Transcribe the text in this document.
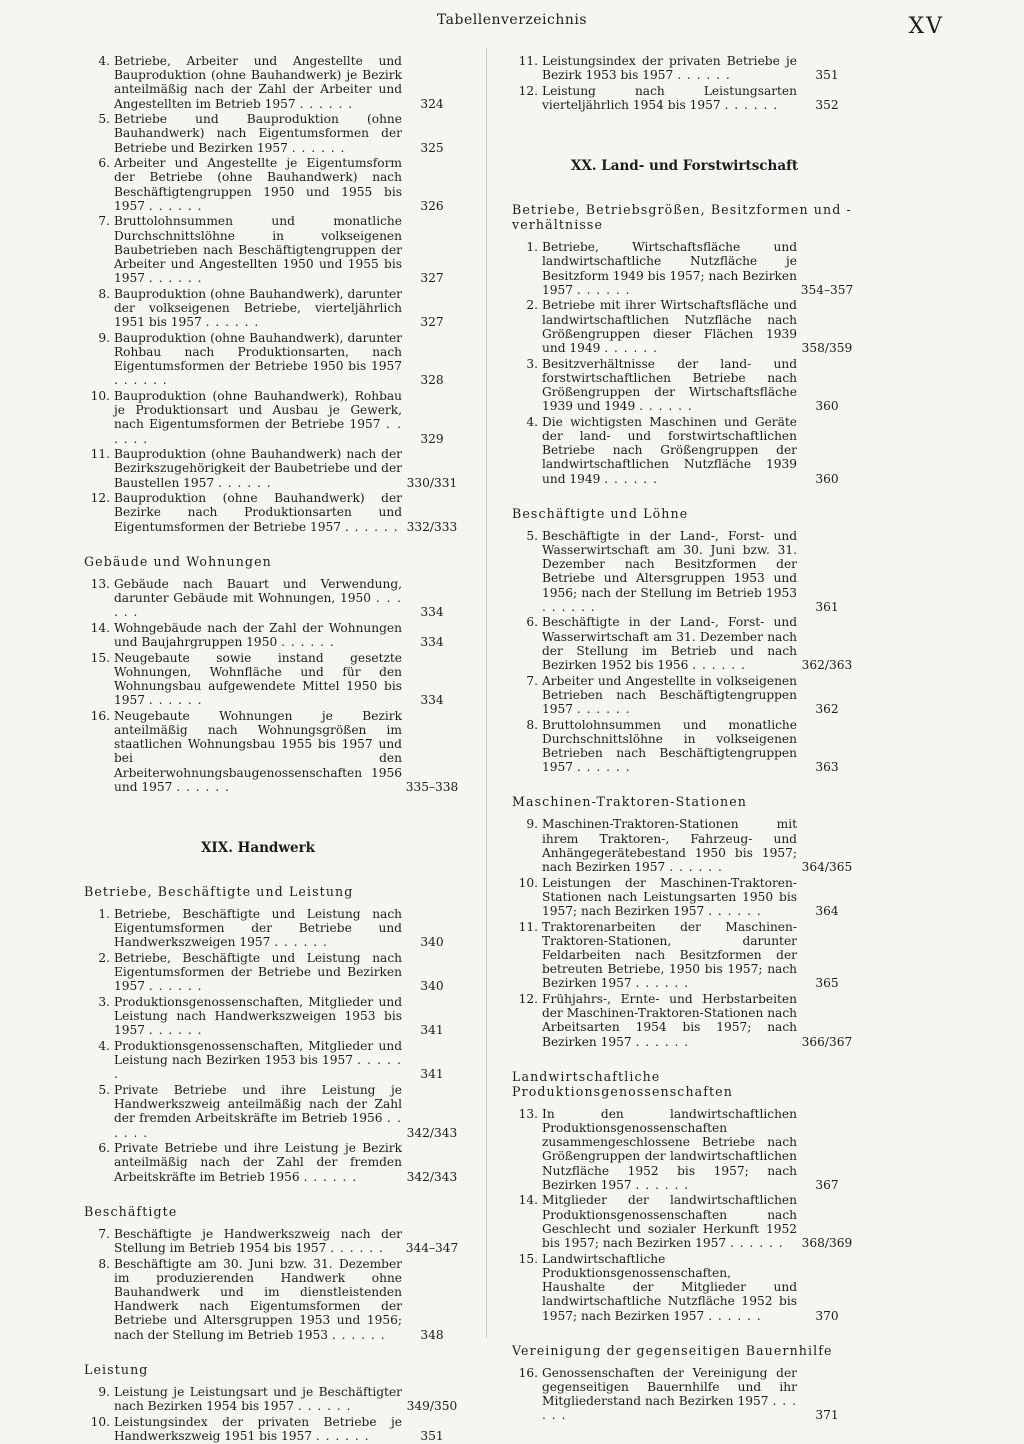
Tabellenverzeichnis	XV
4. Betriebe, Arbeiter und Angestellte und Bauproduktion (ohne Bauhandwerk) je Bezirk anteilmäßig nach der Zahl der Arbeiter und Angestellten im Betrieb 1957 . . . . . .	324
5. Betriebe und Bauproduktion (ohne Bauhandwerk) nach Eigentumsformen der Betriebe und Bezirken 1957 . . . . . .	325
6. Arbeiter und Angestellte je Eigentumsform der Betriebe (ohne Bauhandwerk) nach Beschäftigtengruppen 1950 und 1955 bis 1957 . . . . . .	326
7. Bruttolohnsummen und monatliche Durchschnittslöhne in volkseigenen Baubetrieben nach Beschäftigtengruppen der Arbeiter und Angestellten 1950 und 1955 bis 1957 . . . . . .	327
8. Bauproduktion (ohne Bauhandwerk), darunter der volkseigenen Betriebe, vierteljährlich 1951 bis 1957 . . . . . .	327
9. Bauproduktion (ohne Bauhandwerk), darunter Rohbau nach Produktionsarten, nach Eigentumsformen der Betriebe 1950 bis 1957 . . . . . .	328
10. Bauproduktion (ohne Bauhandwerk), Rohbau je Produktionsart und Ausbau je Gewerk, nach Eigentumsformen der Betriebe 1957 . . . . . .	329
11. Bauproduktion (ohne Bauhandwerk) nach der Bezirkszugehörigkeit der Baubetriebe und der Baustellen 1957 . . . . . .	330/331
12. Bauproduktion (ohne Bauhandwerk) der Bezirke nach Produktionsarten und Eigentumsformen der Betriebe 1957 . . . . . . 332/333
Gebäude und Wohnungen
13. Gebäude nach Bauart und Verwendung, darunter Gebäude mit Wohnungen, 1950 . . . . . .	334
14. Wohngebäude nach der Zahl der Wohnungen und Baujahrgruppen 1950 . . . . . .	334
15. Neugebaute sowie instand gesetzte Wohnungen, Wohnfläche und für den Wohnungsbau aufgewendete Mittel 1950 bis 1957 . . . . . .	334
16. Neugebaute Wohnungen je Bezirk anteilmäßig nach Wohnungsgrößen im staatlichen Wohnungsbau 1955 bis 1957 und bei den Arbeiterwohnungsbaugenossenschaften 1956 und 1957 . . . . . .	335–338
XIX. Handwerk
Betriebe, Beschäftigte und Leistung
1. Betriebe, Beschäftigte und Leistung nach Eigentumsformen der Betriebe und Handwerkszweigen 1957 . . . . . .	340
2. Betriebe, Beschäftigte und Leistung nach Eigentumsformen der Betriebe und Bezirken 1957 . . . . . .	340
3. Produktionsgenossenschaften, Mitglieder und Leistung nach Handwerkszweigen 1953 bis 1957 . . . . . .	341
4. Produktionsgenossenschaften, Mitglieder und Leistung nach Bezirken 1953 bis 1957 . . . . . .	341
5. Private Betriebe und ihre Leistung je Handwerkszweig anteilmäßig nach der Zahl der fremden Arbeitskräfte im Betrieb 1956 . . . . . .	342/343
6. Private Betriebe und ihre Leistung je Bezirk anteilmäßig nach der Zahl der fremden Arbeitskräfte im Betrieb 1956 . . . . . .	342/343
Beschäftigte
7. Beschäftigte je Handwerkszweig nach der Stellung im Betrieb 1954 bis 1957 . . . . . .	344–347
8. Beschäftigte am 30. Juni bzw. 31. Dezember im produzierenden Handwerk ohne Bauhandwerk und im dienstleistenden Handwerk nach Eigentumsformen der Betriebe und Altersgruppen 1953 und 1956; nach der Stellung im Betrieb 1953 . . . . . .	348
Leistung
9. Leistung je Leistungsart und je Beschäftigter nach Bezirken 1954 bis 1957 . . . . . .	349/350
10. Leistungsindex der privaten Betriebe je Handwerkszweig 1951 bis 1957 . . . . . .	351
11. Leistungsindex der privaten Betriebe je Bezirk 1953 bis 1957 . . . . . .	351
12. Leistung nach Leistungsarten vierteljährlich 1954 bis 1957 . . . . . .	352
XX. Land- und Forstwirtschaft
Betriebe, Betriebsgrößen, Besitzformen und -verhältnisse
1. Betriebe, Wirtschaftsfläche und landwirtschaftliche Nutzfläche je Besitzform 1949 bis 1957; nach Bezirken 1957 . . . . . .	354–357
2. Betriebe mit ihrer Wirtschaftsfläche und landwirtschaftlichen Nutzfläche nach Größengruppen dieser Flächen 1939 und 1949 . . . . . .	358/359
3. Besitzverhältnisse der land- und forstwirtschaftlichen Betriebe nach Größengruppen der Wirtschaftsfläche 1939 und 1949 . . . . . .	360
4. Die wichtigsten Maschinen und Geräte der land- und forstwirtschaftlichen Betriebe nach Größengruppen der landwirtschaftlichen Nutzfläche 1939 und 1949 . . . . . .	360
Beschäftigte und Löhne
5. Beschäftigte in der Land-, Forst- und Wasserwirtschaft am 30. Juni bzw. 31. Dezember nach Besitzformen der Betriebe und Altersgruppen 1953 und 1956; nach der Stellung im Betrieb 1953 . . . . . .	361
6. Beschäftigte in der Land-, Forst- und Wasserwirtschaft am 31. Dezember nach der Stellung im Betrieb und nach Bezirken 1952 bis 1956 . . . . . .	362/363
7. Arbeiter und Angestellte in volkseigenen Betrieben nach Beschäftigtengruppen 1957 . . . . . .	362
8. Bruttolohnsummen und monatliche Durchschnittslöhne in volkseigenen Betrieben nach Beschäftigtengruppen 1957 . . . . . .	363
Maschinen-Traktoren-Stationen
9. Maschinen-Traktoren-Stationen mit ihrem Traktoren-, Fahrzeug- und Anhängegerätebestand 1950 bis 1957; nach Bezirken 1957 . . . . . .	364/365
10. Leistungen der Maschinen-Traktoren-Stationen nach Leistungsarten 1950 bis 1957; nach Bezirken 1957 . . . . . .	364
11. Traktorenarbeiten der Maschinen-Traktoren-Stationen, darunter Feldarbeiten nach Besitzformen der betreuten Betriebe, 1950 bis 1957; nach Bezirken 1957 . . . . . .	365
12. Frühjahrs-, Ernte- und Herbstarbeiten der Maschinen-Traktoren-Stationen nach Arbeitsarten 1954 bis 1957; nach Bezirken 1957 . . . . . .	366/367
Landwirtschaftliche Produktionsgenossenschaften
13. In den landwirtschaftlichen Produktionsgenossenschaften zusammengeschlossene Betriebe nach Größengruppen der landwirtschaftlichen Nutzfläche 1952 bis 1957; nach Bezirken 1957 . . . . . .	367
14. Mitglieder der landwirtschaftlichen Produktionsgenossenschaften nach Geschlecht und sozialer Herkunft 1952 bis 1957; nach Bezirken 1957 . . . . . .	368/369
15. Landwirtschaftliche Produktionsgenossenschaften, Haushalte der Mitglieder und landwirtschaftliche Nutzfläche 1952 bis 1957; nach Bezirken 1957 . . . . . .	370
Vereinigung der gegenseitigen Bauernhilfe
16. Genossenschaften der Vereinigung der gegenseitigen Bauernhilfe und ihr Mitgliederstand nach Bezirken 1957 . . . . . .	371
